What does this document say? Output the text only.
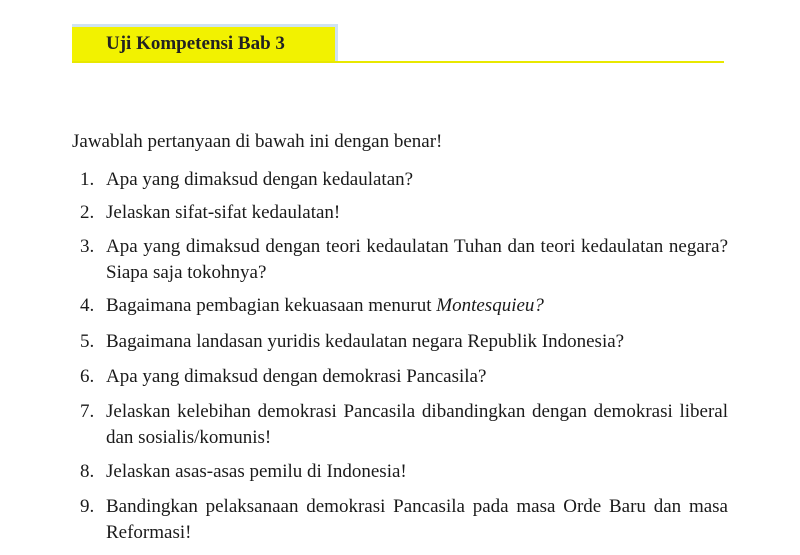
Uji Kompetensi Bab 3
Jawablah pertanyaan di bawah ini dengan benar!
1. Apa yang dimaksud dengan kedaulatan?
2. Jelaskan sifat-sifat kedaulatan!
3. Apa yang dimaksud dengan teori kedaulatan Tuhan dan teori kedaulatan negara? Siapa saja tokohnya?
4. Bagaimana pembagian kekuasaan menurut Montesquieu?
5. Bagaimana landasan yuridis kedaulatan negara Republik Indonesia?
6. Apa yang dimaksud dengan demokrasi Pancasila?
7. Jelaskan kelebihan demokrasi Pancasila dibandingkan dengan demokrasi liberal dan sosialis/komunis!
8. Jelaskan asas-asas pemilu di Indonesia!
9. Bandingkan pelaksanaan demokrasi Pancasila pada masa Orde Baru dan masa Reformasi!
